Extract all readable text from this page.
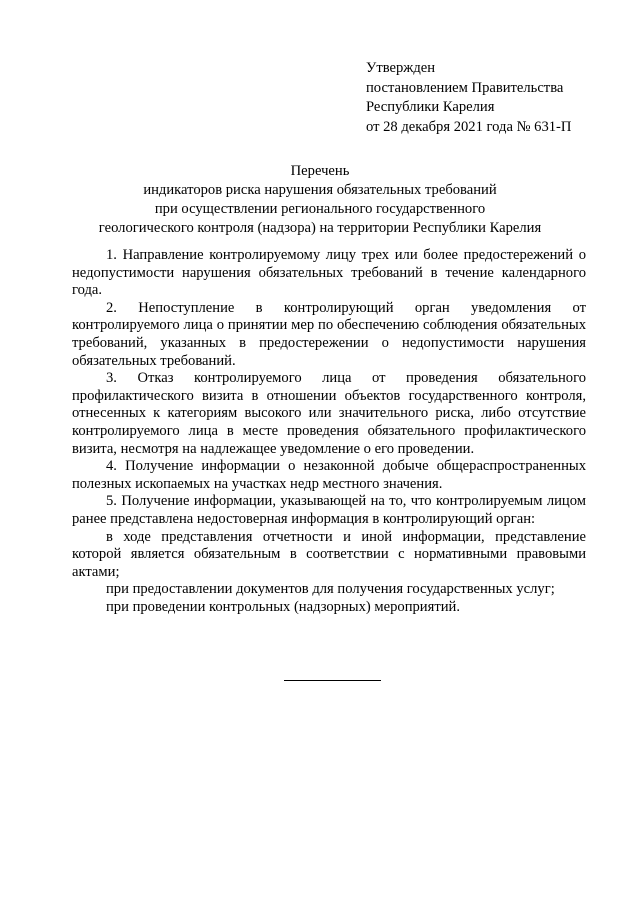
Утвержден
постановлением Правительства
Республики Карелия
от 28 декабря 2021 года № 631-П
Перечень
индикаторов риска нарушения обязательных требований
при осуществлении регионального государственного
геологического контроля (надзора) на территории Республики Карелия

1. Направление контролируемому лицу трех или более предостережений о недопустимости нарушения обязательных требований в течение календарного года.

2. Непоступление в контролирующий орган уведомления от контролируемого лица о принятии мер по обеспечению соблюдения обязательных требований, указанных в предостережении о недопустимости нарушения обязательных требований.

3. Отказ контролируемого лица от проведения обязательного профилактического визита в отношении объектов государственного контроля, отнесенных к категориям высокого или значительного риска, либо отсутствие контролируемого лица в месте проведения обязательного профилактического визита, несмотря на надлежащее уведомление о его проведении.

4. Получение информации о незаконной добыче общераспространенных полезных ископаемых на участках недр местного значения.

5. Получение информации, указывающей на то, что контролируемым лицом ранее представлена недостоверная информация в контролирующий орган:

в ходе представления отчетности и иной информации, представление которой является обязательным в соответствии с нормативными правовыми актами;

при предоставлении документов для получения государственных услуг;

при проведении контрольных (надзорных) мероприятий.
